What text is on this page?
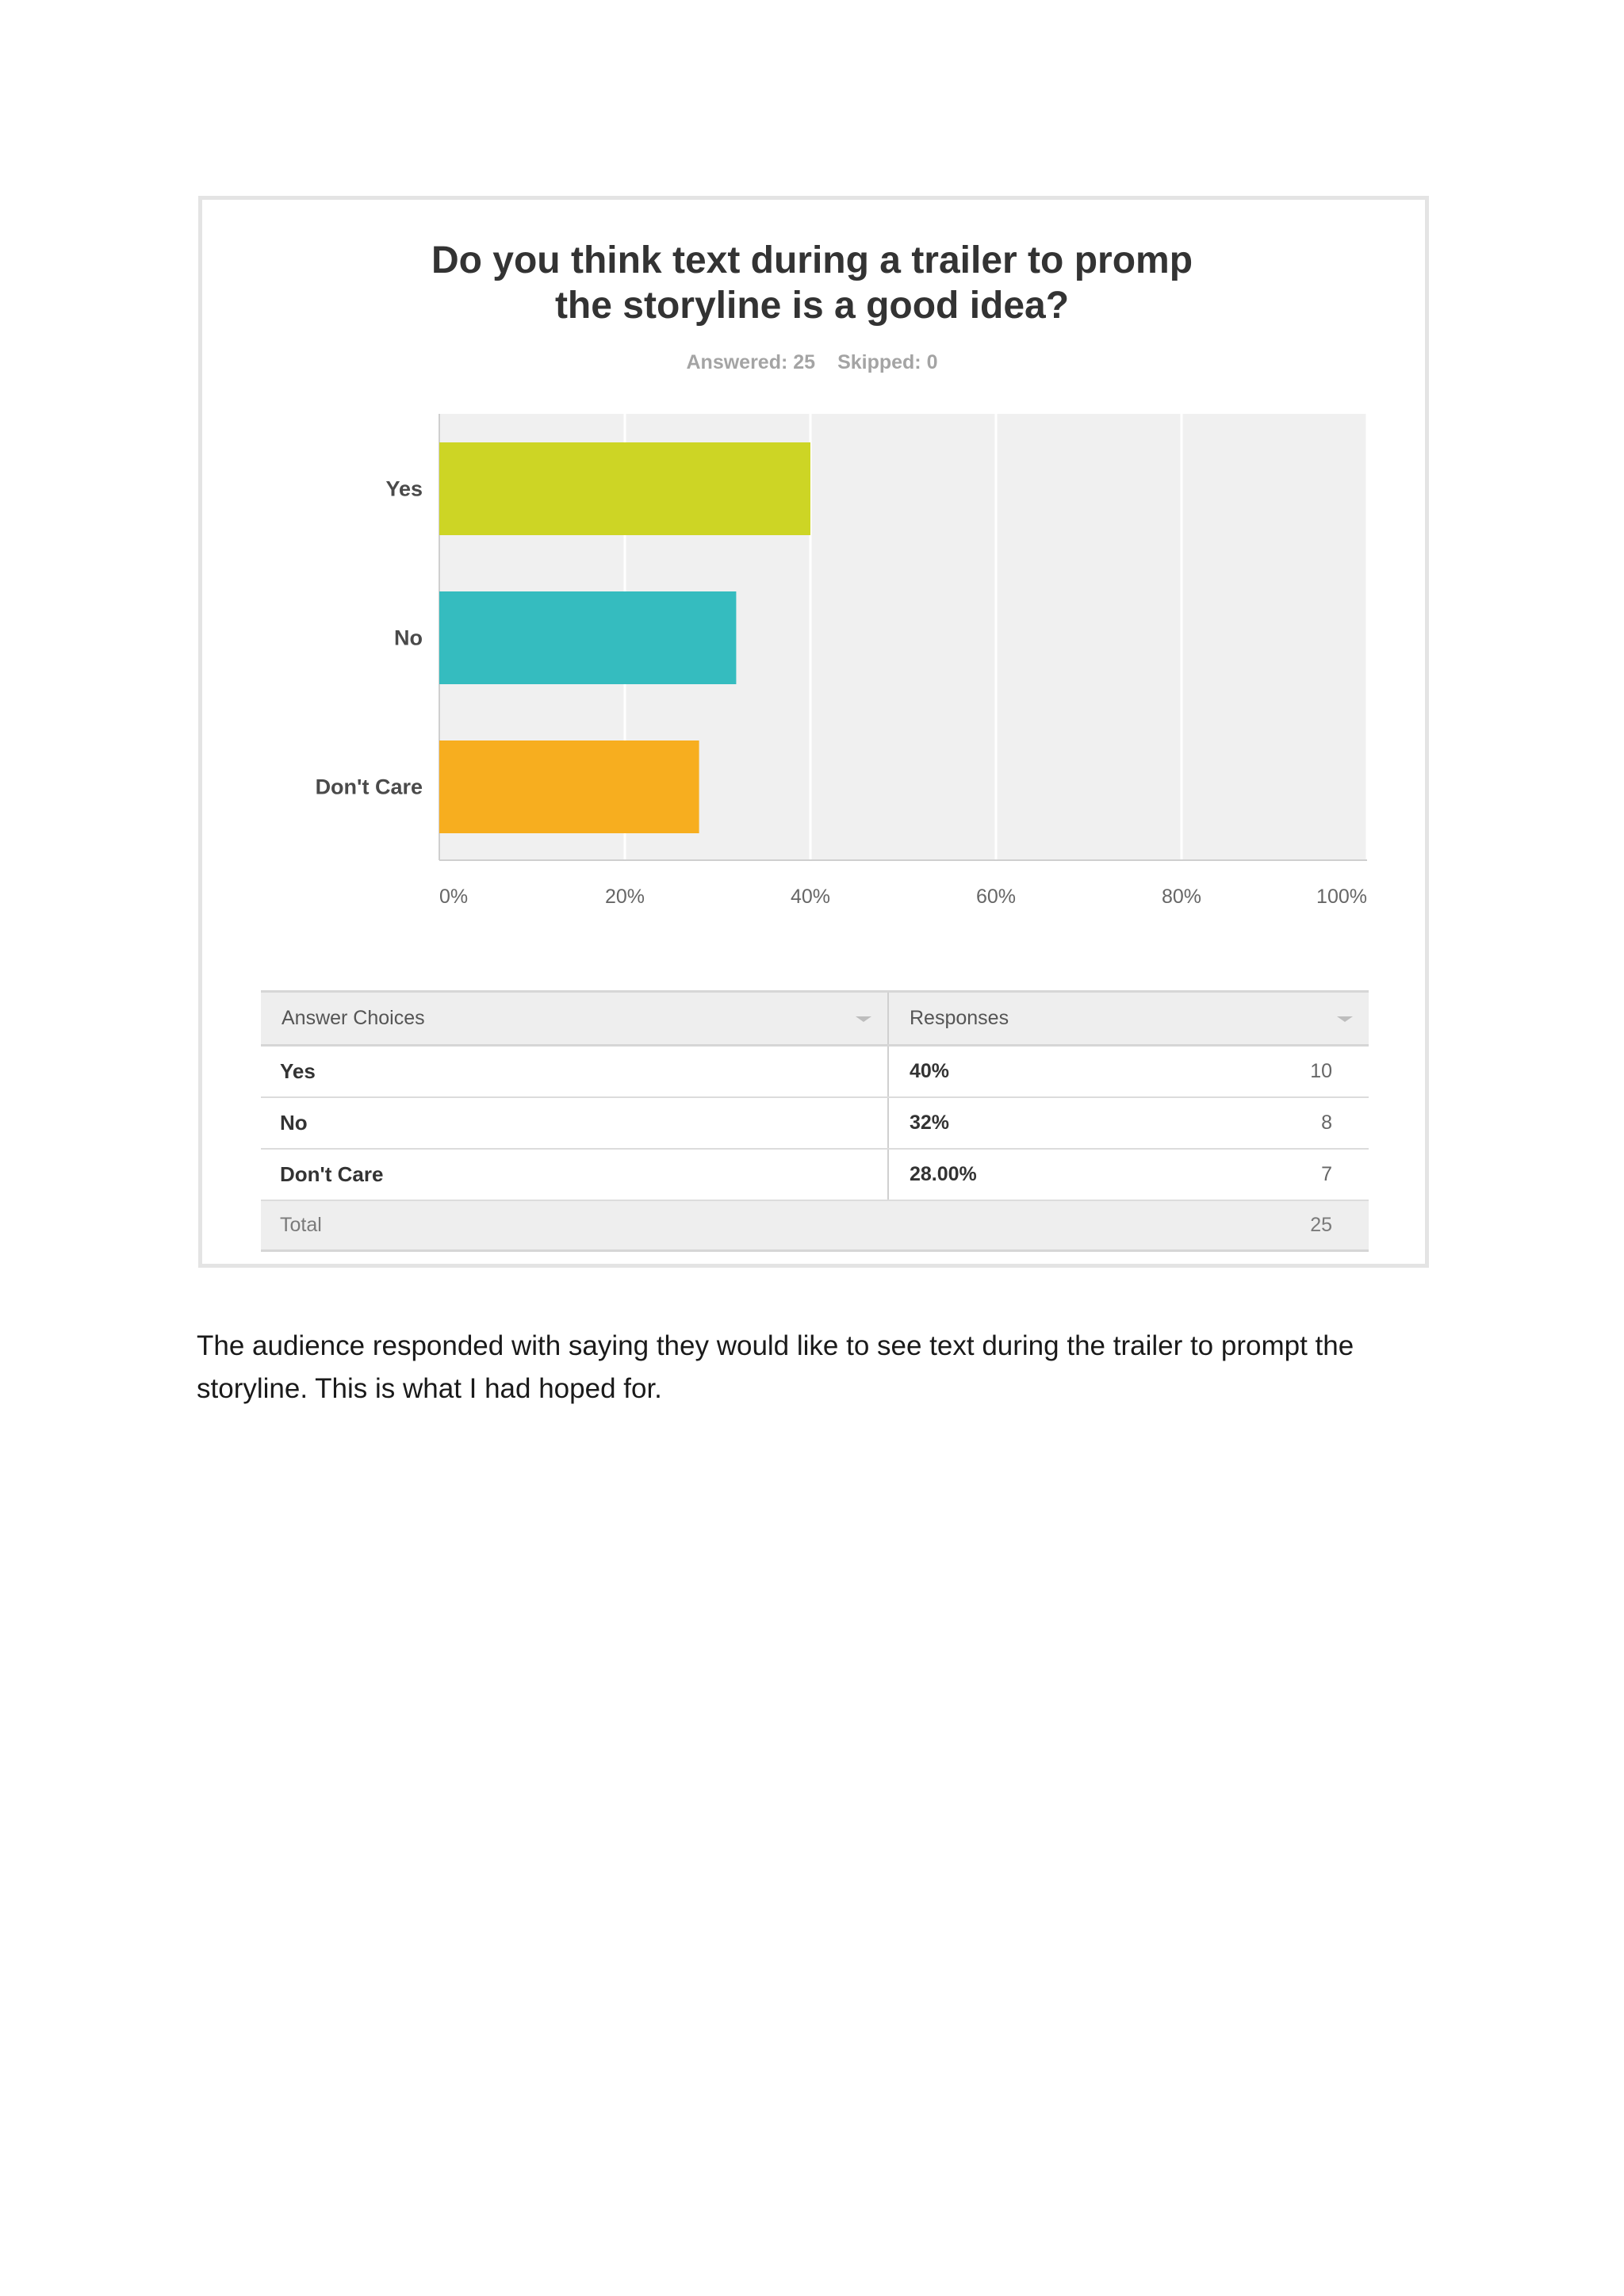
Do you think text during a trailer to promp
the storyline is a good idea?
Answered: 25 Skipped: 0
0%	20%	40%	60%	80%	100%
Yes
No
Don't Care
Answer Choices	Responses	

Yes	40%	10
No	32%	8
Don't Care	28.00%	7
Total		25

The audience responded with saying they would like to see text during the trailer to prompt the storyline. This is what I had hoped for.
